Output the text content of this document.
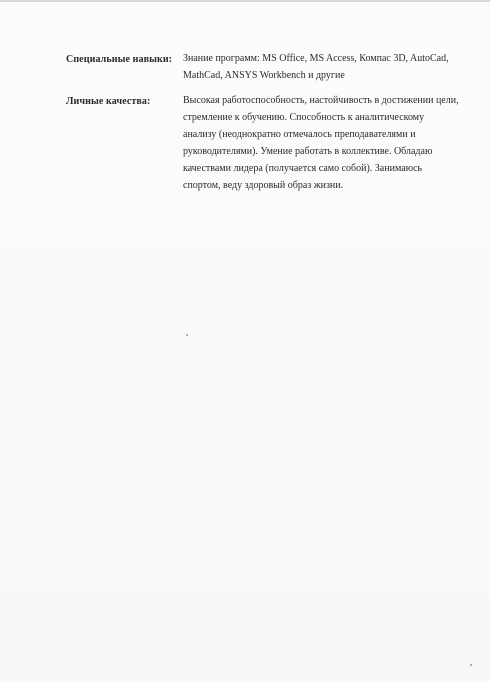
Специальные навыки: Знание программ: MS Office, MS Access, Компас 3D, AutoCad,

MathCad, ANSYS Workbench и другие

Личные качества:	Высокая работоспособность, настойчивость в достижении цели,

стремление к обучению. Способность к аналитическому

анализу (неоднократно отмечалось преподавателями и

руководителями). Умение работать в коллективе. Обладаю

качествами лидера (получается само собой). Занимаюсь

спортом, веду здоровый образ жизни.
